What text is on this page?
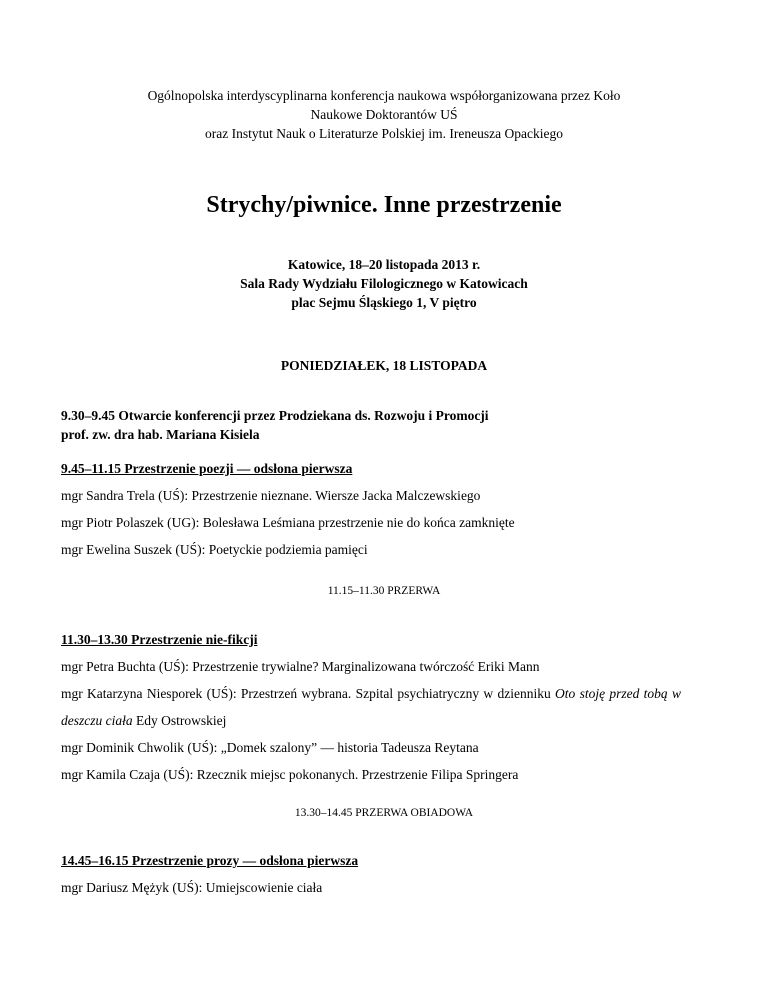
Ogólnopolska interdyscyplinarna konferencja naukowa współorganizowana przez Koło
Naukowe Doktorantów UŚ
oraz Instytut Nauk o Literaturze Polskiej im. Ireneusza Opackiego
Strychy/piwnice. Inne przestrzenie
Katowice, 18–20 listopada 2013 r.
Sala Rady Wydziału Filologicznego w Katowicach
plac Sejmu Śląskiego 1, V piętro
PONIEDZIAŁEK, 18 LISTOPADA
9.30–9.45 Otwarcie konferencji przez Prodziekana ds. Rozwoju i Promocji
prof. zw. dra hab. Mariana Kisiela
9.45–11.15 Przestrzenie poezji — odsłona pierwsza
mgr Sandra Trela (UŚ): Przestrzenie nieznane. Wiersze Jacka Malczewskiego
mgr Piotr Polaszek (UG): Bolesława Leśmiana przestrzenie nie do końca zamknięte
mgr Ewelina Suszek (UŚ): Poetyckie podziemia pamięci
11.15–11.30 PRZERWA
11.30–13.30 Przestrzenie nie-fikcji
mgr Petra Buchta (UŚ): Przestrzenie trywialne? Marginalizowana twórczość Eriki Mann
mgr Katarzyna Niesporek (UŚ): Przestrzeń wybrana. Szpital psychiatryczny w dzienniku Oto stoję przed tobą w deszczu ciała Edy Ostrowskiej
mgr Dominik Chwolik (UŚ): „Domek szalony” — historia Tadeusza Reytana
mgr Kamila Czaja (UŚ): Rzecznik miejsc pokonanych. Przestrzenie Filipa Springera
13.30–14.45 PRZERWA OBIADOWA
14.45–16.15 Przestrzenie prozy — odsłona pierwsza
mgr Dariusz Mężyk (UŚ): Umiejscowienie ciała
